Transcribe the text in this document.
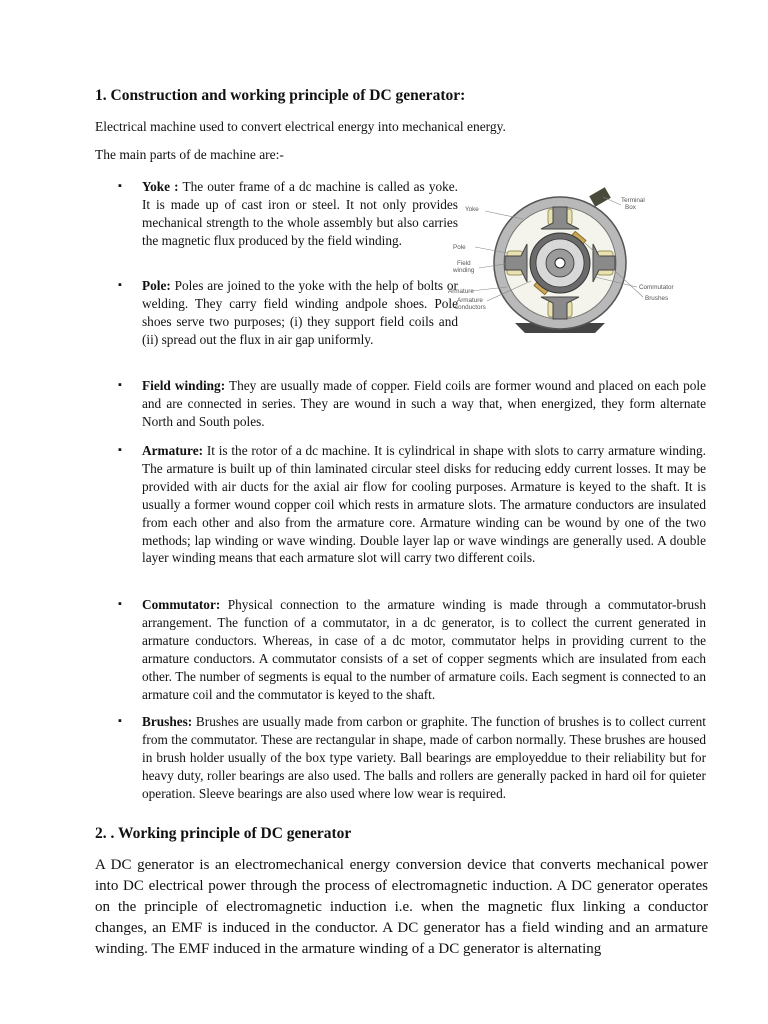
1. Construction and working principle of DC generator:

Electrical machine used to convert electrical energy into mechanical energy.

The main parts of de machine are:-

▪ Yoke : The outer frame of a dc machine is called as yoke. It is made up of cast iron or steel. It not only provides mechanical strength to the whole assembly but also carries the magnetic flux produced by the field winding.

▪ Pole: Poles are joined to the yoke with the help of bolts or welding. They carry field winding andpole shoes. Pole shoes serve two purposes; (i) they support field coils and (ii) spread out the flux in air gap uniformly.

▪ Field winding: They are usually made of copper. Field coils are former wound and placed on each pole and are connected in series. They are wound in such a way that, when energized, they form alternate North and South poles.

▪ Armature: It is the rotor of a dc machine. It is cylindrical in shape with slots to carry armature winding. The armature is built up of thin laminated circular steel disks for reducing eddy current losses. It may be provided with air ducts for the axial air flow for cooling purposes. Armature is keyed to the shaft. It is usually a former wound copper coil which rests in armature slots. The armature conductors are insulated from each other and also from the armature core. Armature winding can be wound by one of the two methods; lap winding or wave winding. Double layer lap or wave windings are generally used. A double layer winding means that each armature slot will carry two different coils.

▪ Commutator: Physical connection to the armature winding is made through a commutator-brush arrangement. The function of a commutator, in a dc generator, is to collect the current generated in armature conductors. Whereas, in case of a dc motor, commutator helps in providing current to the armature conductors. A commutator consists of a set of copper segments which are insulated from each other. The number of segments is equal to the number of armature coils. Each segment is connected to an armature coil and the commutator is keyed to the shaft.

▪ Brushes: Brushes are usually made from carbon or graphite. The function of brushes is to collect current from the commutator. These are rectangular in shape, made of carbon normally. These brushes are housed in brush holder usually of the box type variety. Ball bearings are employeddue to their reliability but for heavy duty, roller bearings are also used. The balls and rollers are generally packed in hard oil for quieter operation. Sleeve bearings are also used where low wear is required.

2. . Working principle of DC generator

A DC generator is an electromechanical energy conversion device that converts mechanical power into DC electrical power through the process of electromagnetic induction. A DC generator operates on the principle of electromagnetic induction i.e. when the magnetic flux linking a conductor changes, an EMF is induced in the conductor. A DC generator has a field winding and an armature winding. The EMF induced in the armature winding of a DC generator is alternating

Terminal
Box
Yoke
Pole
Field
winding
Armature
Armature
conductors
Commutator
Brushes
